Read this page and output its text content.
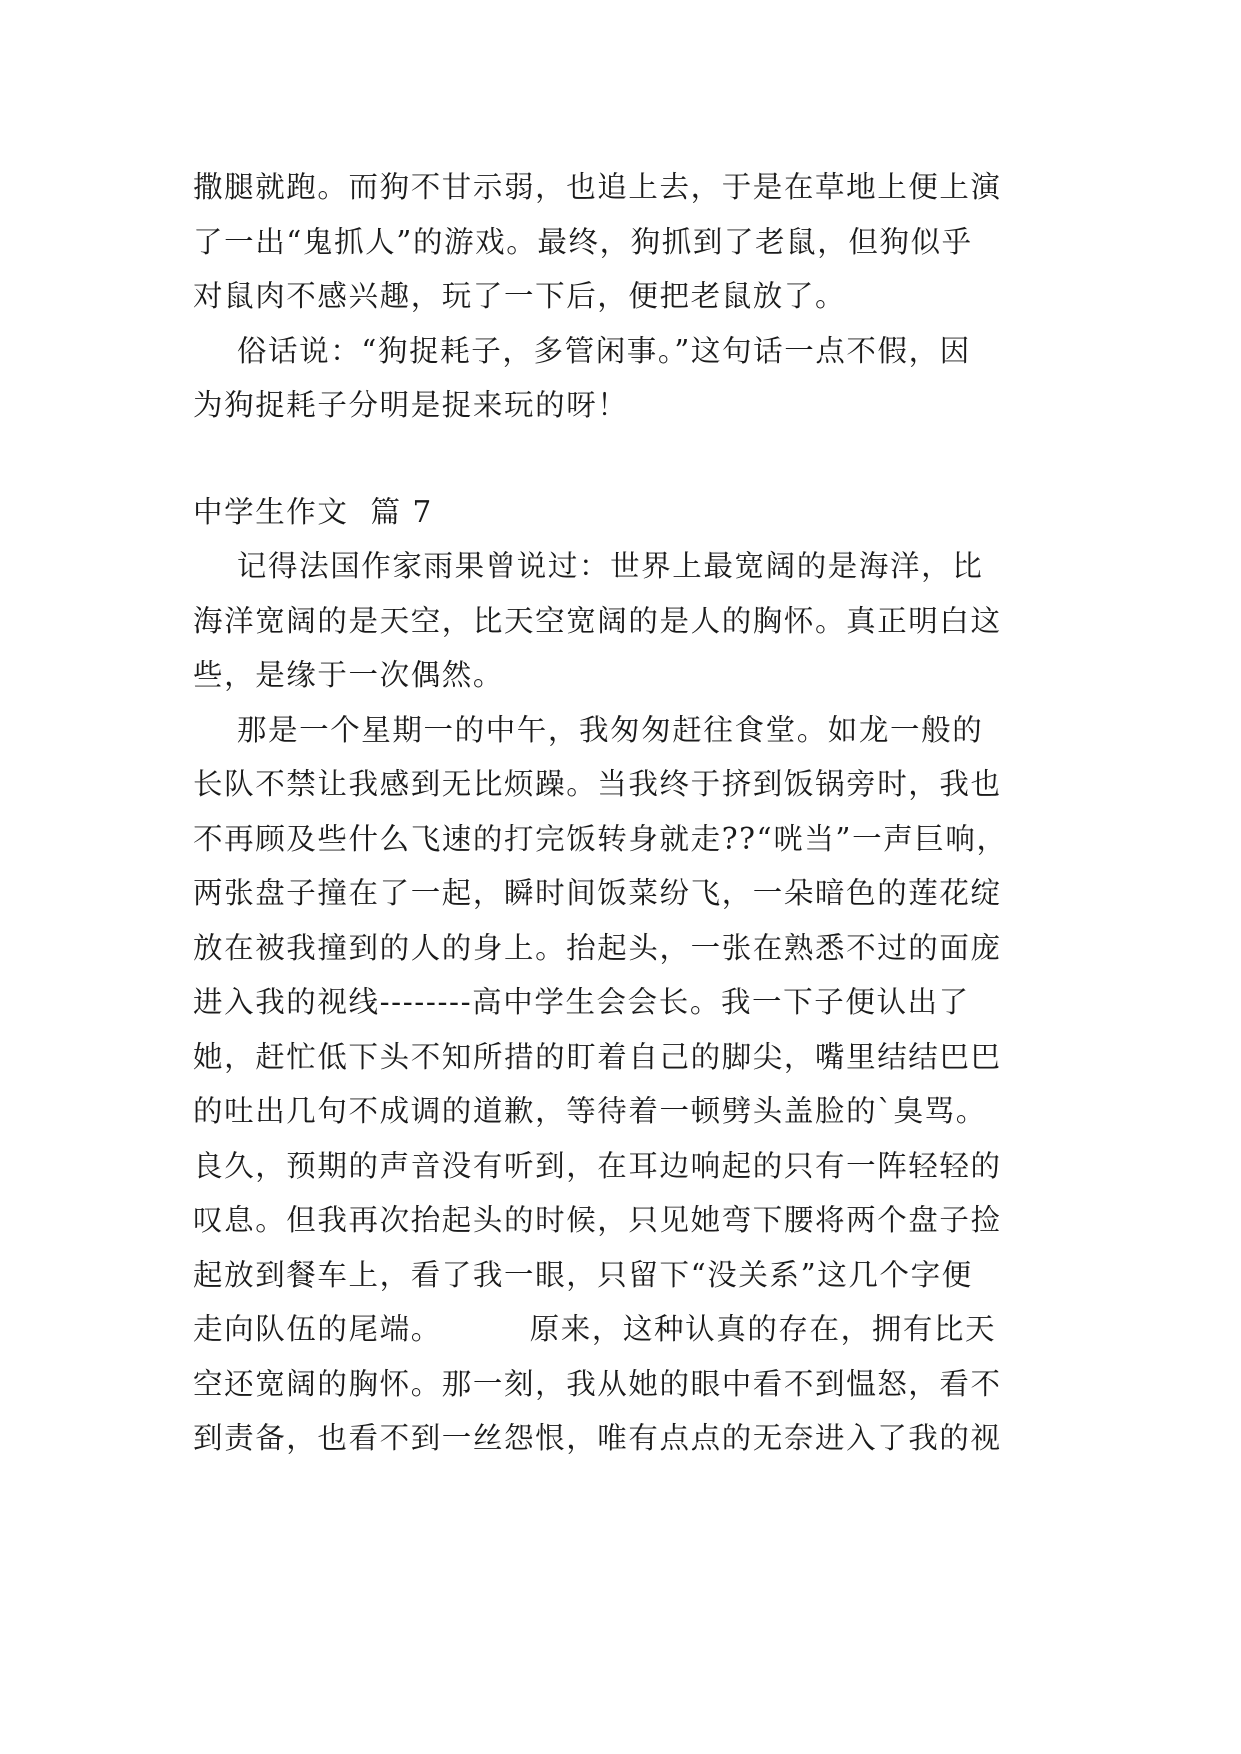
撒腿就跑。而狗不甘示弱，也追上去，于是在草地上便上演
了一出“鬼抓人”的游戏。最终，狗抓到了老鼠，但狗似乎
对鼠肉不感兴趣，玩了一下后，便把老鼠放了。
俗话说：“狗捉耗子，多管闲事。”这句话一点不假，因
为狗捉耗子分明是捉来玩的呀！
中学生作文  篇 7
记得法国作家雨果曾说过：世界上最宽阔的是海洋，比
海洋宽阔的是天空，比天空宽阔的是人的胸怀。真正明白这
些，是缘于一次偶然。
那是一个星期一的中午，我匆匆赶往食堂。如龙一般的
长队不禁让我感到无比烦躁。当我终于挤到饭锅旁时，我也
不再顾及些什么飞速的打完饭转身就走??“咣当”一声巨响，
两张盘子撞在了一起，瞬时间饭菜纷飞，一朵暗色的莲花绽
放在被我撞到的人的身上。抬起头，一张在熟悉不过的面庞
进入我的视线--------高中学生会会长。我一下子便认出了
她，赶忙低下头不知所措的盯着自己的脚尖，嘴里结结巴巴
的吐出几句不成调的道歉，等待着一顿劈头盖脸的`臭骂。
良久，预期的声音没有听到，在耳边响起的只有一阵轻轻的
叹息。但我再次抬起头的时候，只见她弯下腰将两个盘子捡
起放到餐车上，看了我一眼，只留下“没关系”这几个字便
走向队伍的尾端。        原来，这种认真的存在，拥有比天
空还宽阔的胸怀。那一刻，我从她的眼中看不到愠怒，看不
到责备，也看不到一丝怨恨，唯有点点的无奈进入了我的视
